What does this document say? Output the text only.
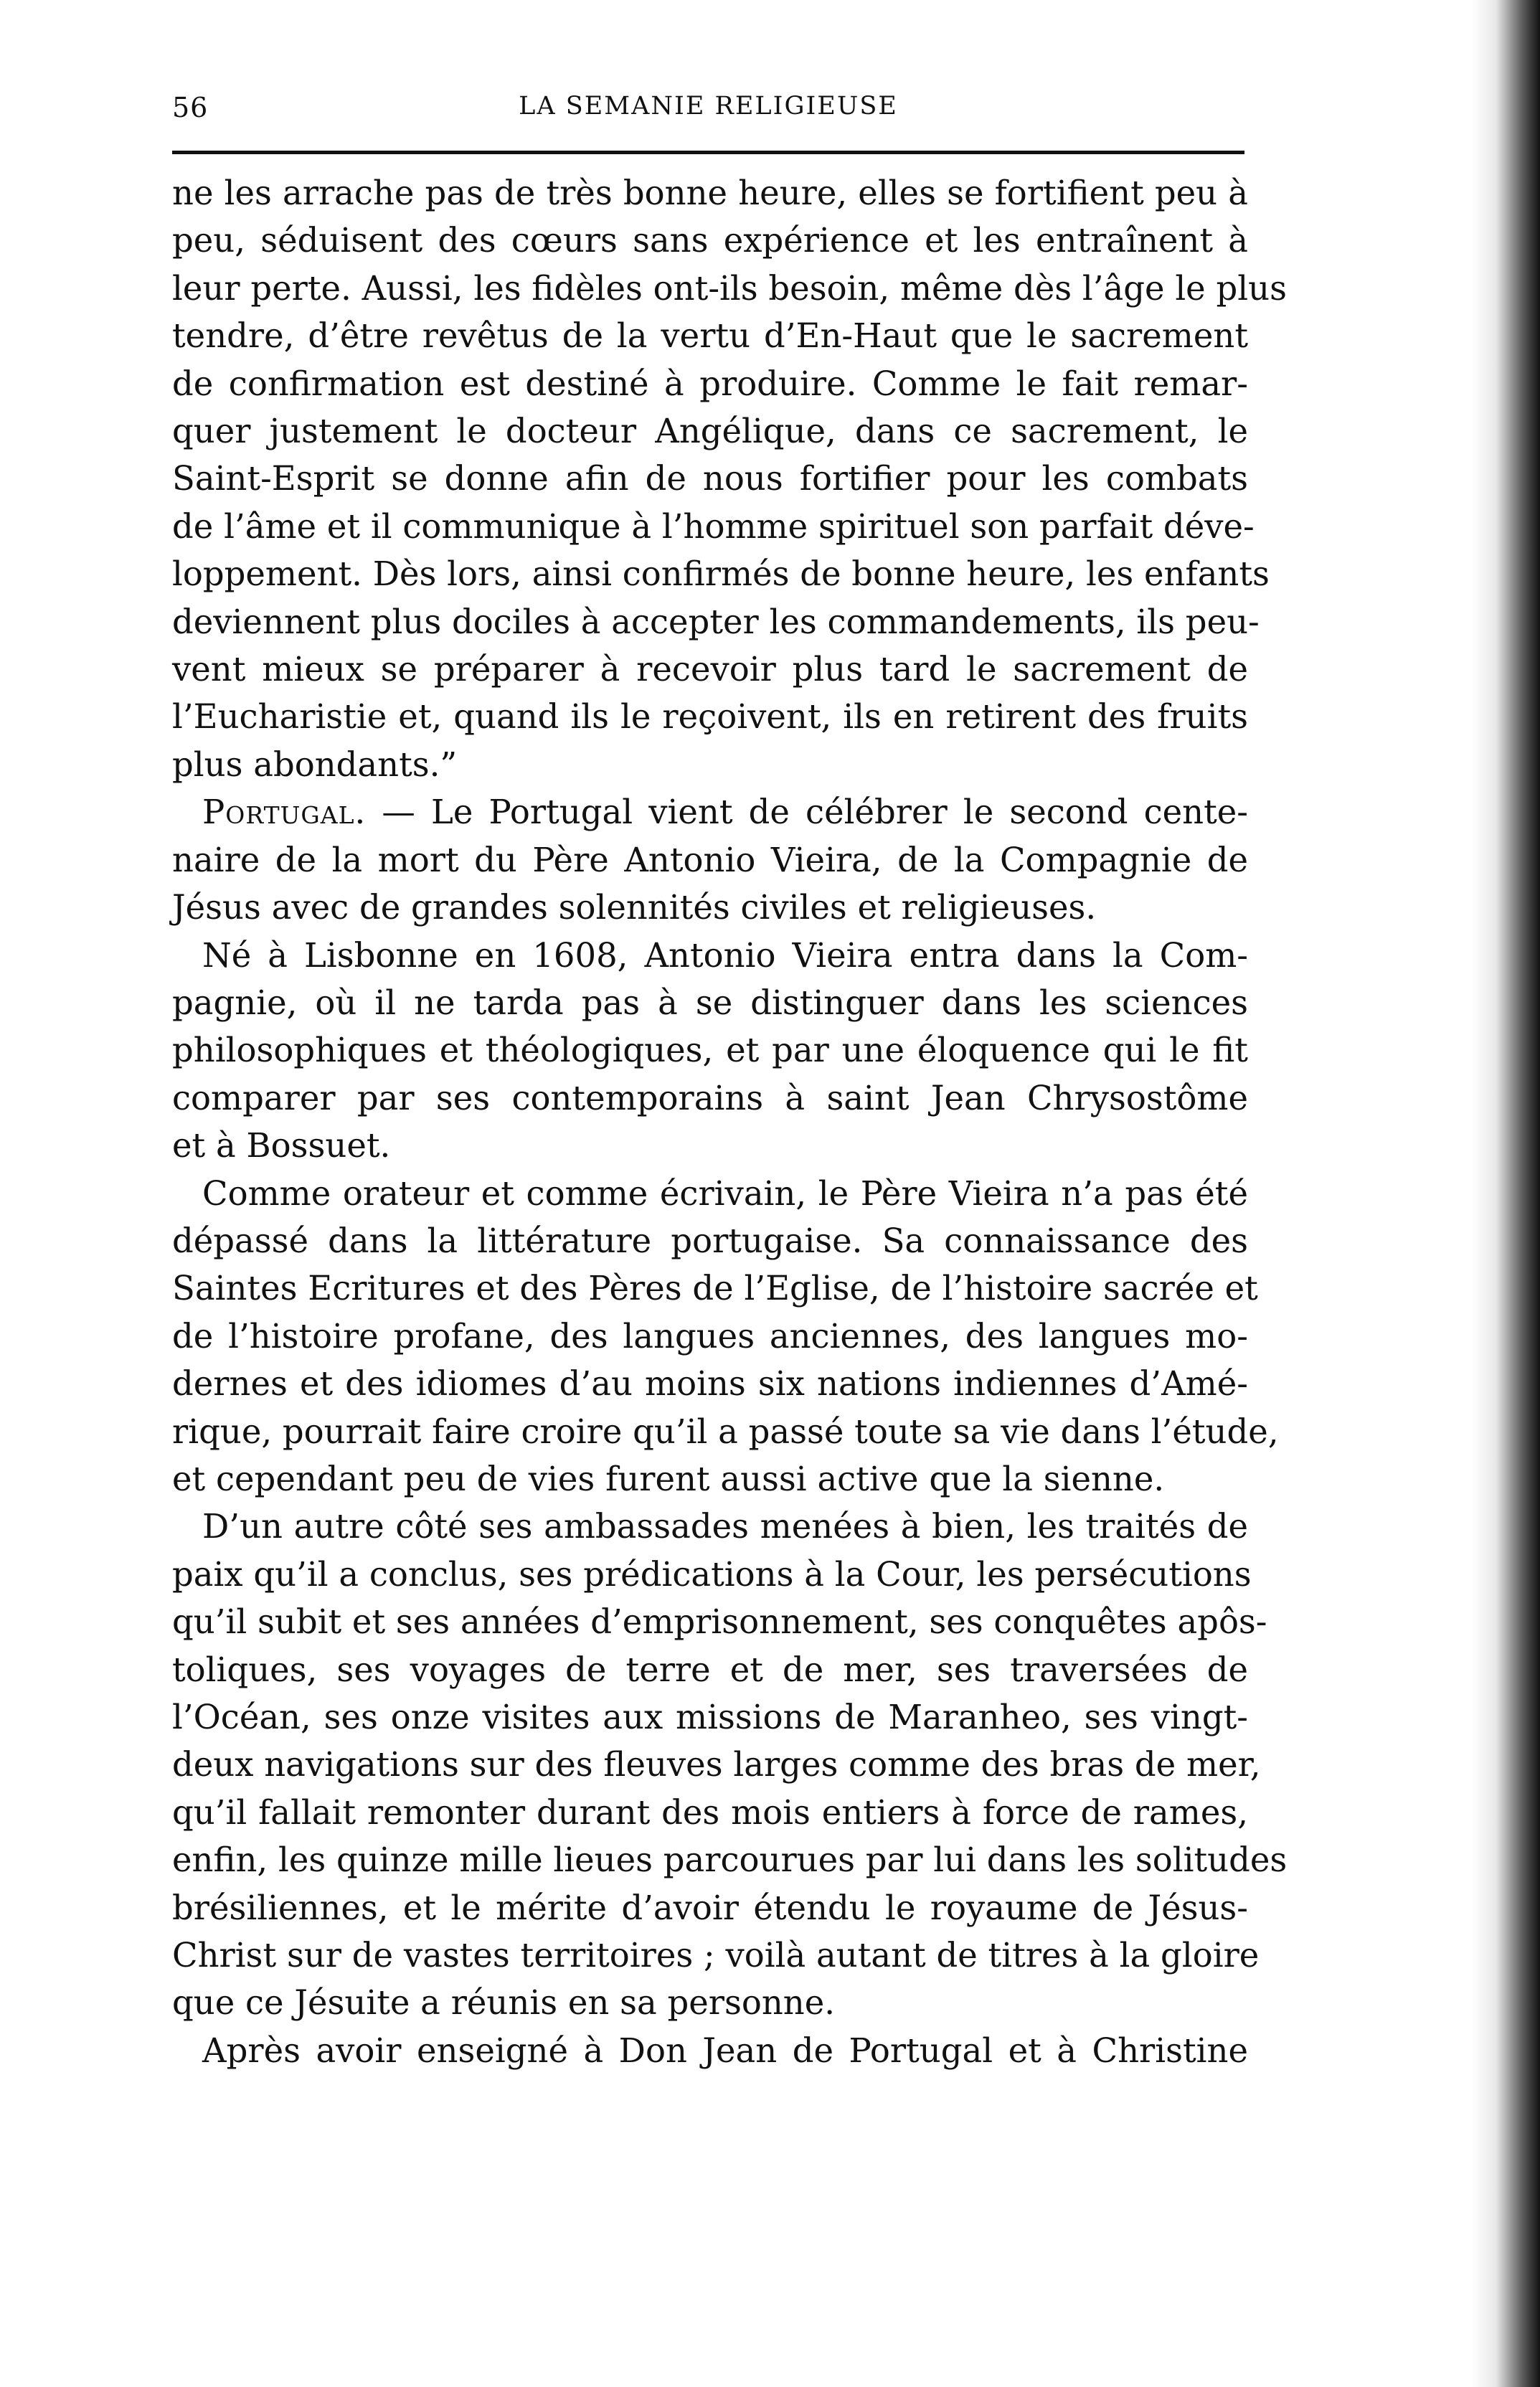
56	LA SEMANIE RELIGIEUSE

ne les arrache pas de très bonne heure, elles se fortifient peu à
peu, séduisent des cœurs sans expérience et les entraînent à
leur perte. Aussi, les fidèles ont-ils besoin, même dès l’âge le plus
tendre, d’être revêtus de la vertu d’En-Haut que le sacrement
de confirmation est destiné à produire. Comme le fait remar-
quer justement le docteur Angélique, dans ce sacrement, le
Saint-Esprit se donne afin de nous fortifier pour les combats
de l’âme et il communique à l’homme spirituel son parfait déve-
loppement. Dès lors, ainsi confirmés de bonne heure, les enfants
deviennent plus dociles à accepter les commandements, ils peu-
vent mieux se préparer à recevoir plus tard le sacrement de
l’Eucharistie et, quand ils le reçoivent, ils en retirent des fruits
plus abondants.”

Portugal. — Le Portugal vient de célébrer le second cente-
naire de la mort du Père Antonio Vieira, de la Compagnie de
Jésus avec de grandes solennités civiles et religieuses.

Né à Lisbonne en 1608, Antonio Vieira entra dans la Com-
pagnie, où il ne tarda pas à se distinguer dans les sciences
philosophiques et théologiques, et par une éloquence qui le fit
comparer par ses contemporains à saint Jean Chrysostôme
et à Bossuet.

Comme orateur et comme écrivain, le Père Vieira n’a pas été
dépassé dans la littérature portugaise. Sa connaissance des
Saintes Ecritures et des Pères de l’Eglise, de l’histoire sacrée et
de l’histoire profane, des langues anciennes, des langues mo-
dernes et des idiomes d’au moins six nations indiennes d’Amé-
rique, pourrait faire croire qu’il a passé toute sa vie dans l’étude,
et cependant peu de vies furent aussi active que la sienne.

D’un autre côté ses ambassades menées à bien, les traités de
paix qu’il a conclus, ses prédications à la Cour, les persécutions
qu’il subit et ses années d’emprisonnement, ses conquêtes apôs-
toliques, ses voyages de terre et de mer, ses traversées de
l’Océan, ses onze visites aux missions de Maranheo, ses vingt-
deux navigations sur des fleuves larges comme des bras de mer,
qu’il fallait remonter durant des mois entiers à force de rames,
enfin, les quinze mille lieues parcourues par lui dans les solitudes
brésiliennes, et le mérite d’avoir étendu le royaume de Jésus-
Christ sur de vastes territoires ; voilà autant de titres à la gloire
que ce Jésuite a réunis en sa personne.

Après avoir enseigné à Don Jean de Portugal et à Christine
